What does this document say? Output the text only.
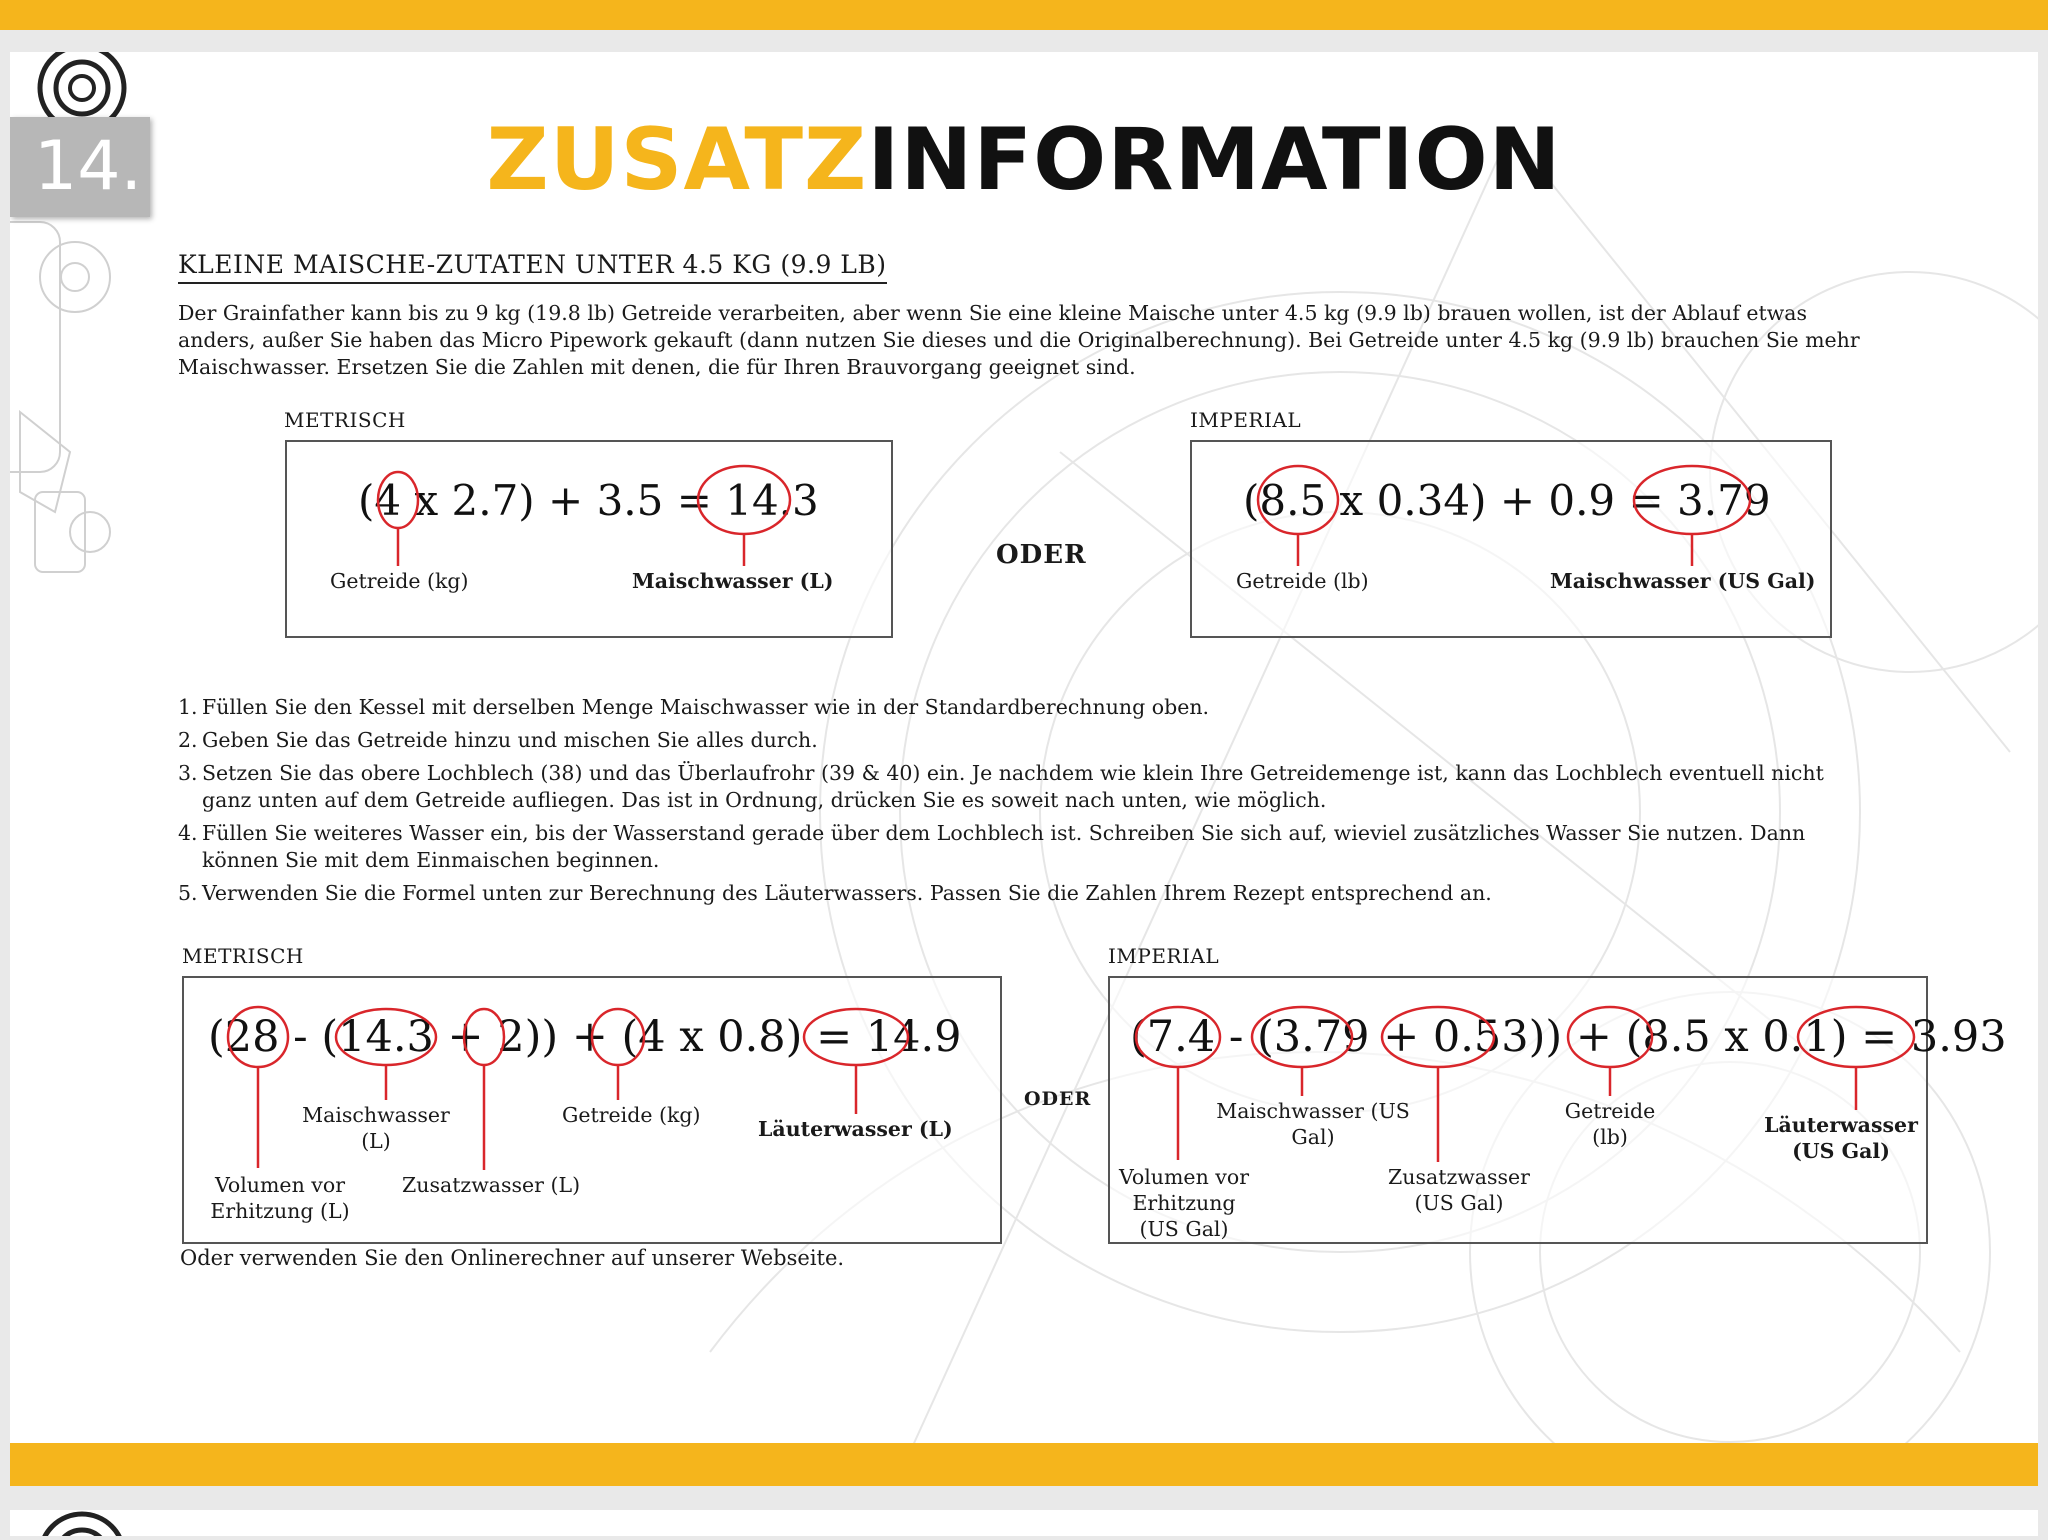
14.	ZUSATZINFORMATION
KLEINE MAISCHE-ZUTATEN UNTER 4.5 KG (9.9 LB)

Der Grainfather kann bis zu 9 kg (19.8 lb) Getreide verarbeiten, aber wenn Sie eine kleine Maische unter 4.5 kg (9.9 lb) brauen wollen, ist der Ablauf etwas anders, außer Sie haben das Micro Pipework gekauft (dann nutzen Sie dieses und die Originalberechnung). Bei Getreide unter 4.5 kg (9.9 lb) brauchen Sie mehr Maischwasser. Ersetzen Sie die Zahlen mit denen, die für Ihren Brauvorgang geeignet sind.

METRISCH
(4 x 2.7) + 3.5 = 14.3
Getreide (kg)	Maischwasser (L)
ODER
IMPERIAL
(8.5 x 0.34) + 0.9 = 3.79
Getreide (lb)	Maischwasser (US Gal)
1. Füllen Sie den Kessel mit derselben Menge Maischwasser wie in der Standardberechnung oben.
2. Geben Sie das Getreide hinzu und mischen Sie alles durch.
3. Setzen Sie das obere Lochblech (38) und das Überlaufrohr (39 & 40) ein. Je nachdem wie klein Ihre Getreidemenge ist, kann das Lochblech eventuell nicht ganz unten auf dem Getreide aufliegen. Das ist in Ordnung, drücken Sie es soweit nach unten, wie möglich.
4. Füllen Sie weiteres Wasser ein, bis der Wasserstand gerade über dem Lochblech ist. Schreiben Sie sich auf, wieviel zusätzliches Wasser Sie nutzen. Dann können Sie mit dem Einmaischen beginnen.
5. Verwenden Sie die Formel unten zur Berechnung des Läuterwassers. Passen Sie die Zahlen Ihrem Rezept entsprechend an.
METRISCH
(28 - (14.3 + 2)) + (4 x 0.8) = 14.9
Maischwasser (L)
Getreide (kg)
Läuterwasser (L)
Volumen vor Erhitzung (L)
Zusatzwasser (L)
ODER
IMPERIAL
(7.4 - (3.79 + 0.53)) + (8.5 x 0.1) = 3.93
Maischwasser (US Gal)
Getreide (lb)	Läuterwasser (US Gal)
Volumen vor Erhitzung (US Gal)
Zusatzwasser (US Gal)
Oder verwenden Sie den Onlinerechner auf unserer Webseite.
